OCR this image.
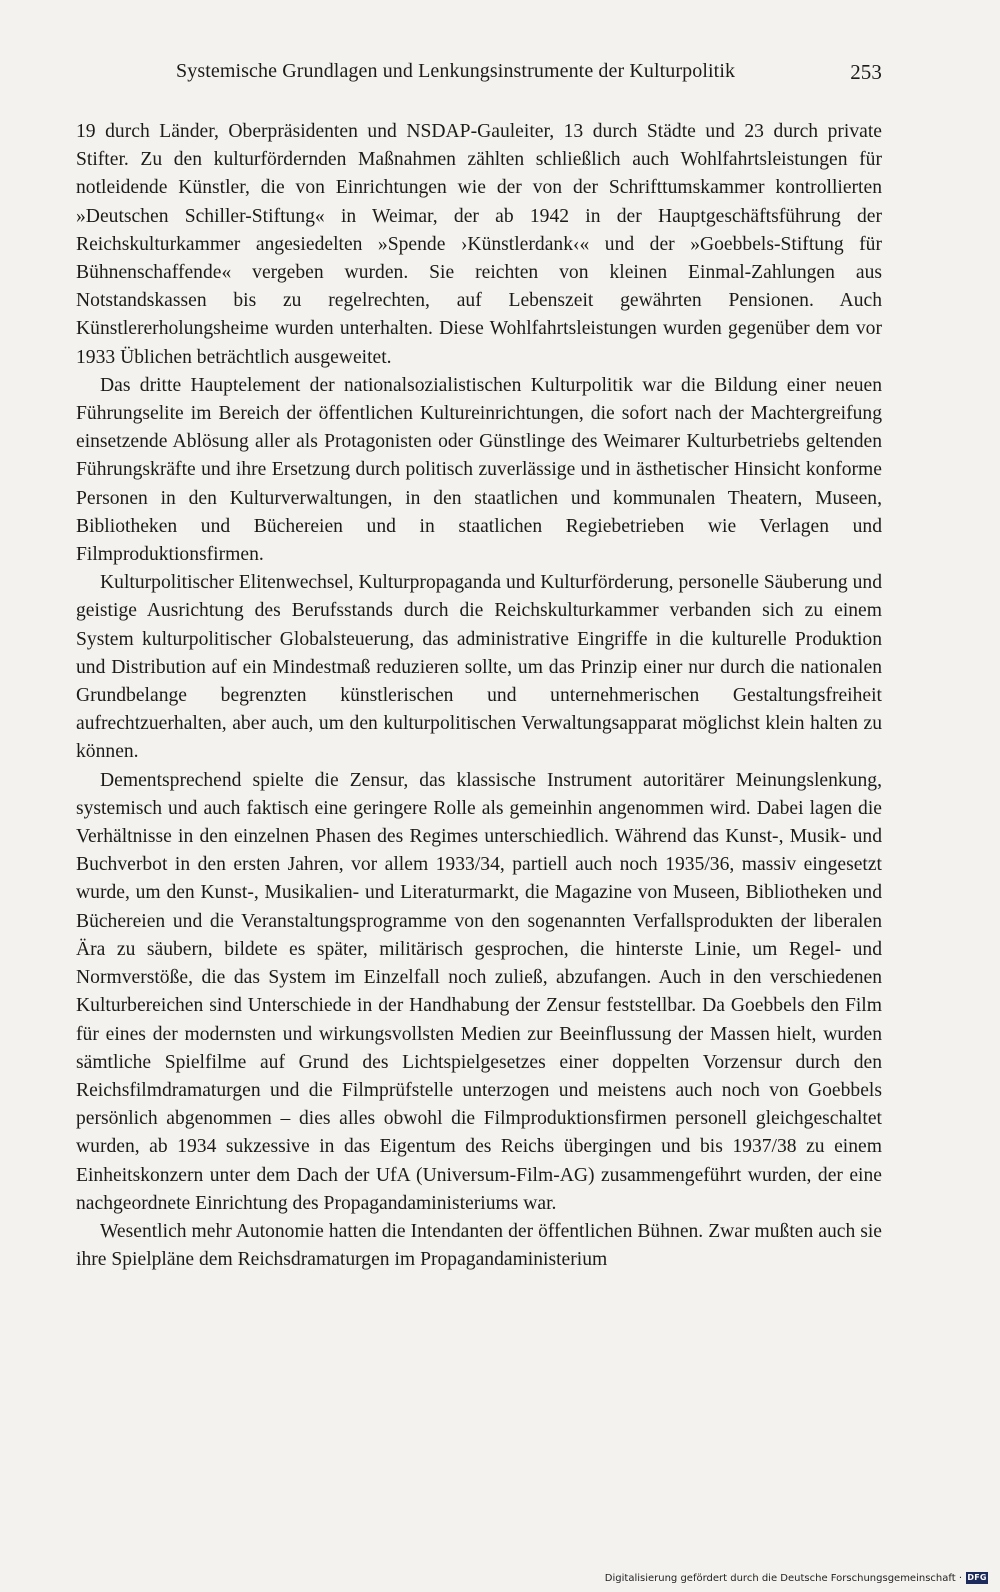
Systemische Grundlagen und Lenkungsinstrumente der Kulturpolitik	253

19 durch Länder, Oberpräsidenten und NSDAP-Gauleiter, 13 durch Städte und 23 durch private Stifter. Zu den kulturfördernden Maßnahmen zählten schließlich auch Wohlfahrtsleistungen für notleidende Künstler, die von Einrichtungen wie der von der Schrifttumskammer kontrollierten »Deutschen Schiller-Stiftung« in Weimar, der ab 1942 in der Hauptgeschäftsführung der Reichskulturkammer angesiedelten »Spende ›Künstlerdank‹« und der »Goebbels-Stiftung für Bühnenschaffende« vergeben wurden. Sie reichten von kleinen Einmal-Zahlungen aus Notstandskassen bis zu regelrechten, auf Lebenszeit gewährten Pensionen. Auch Künstlererholungsheime wurden unterhalten. Diese Wohlfahrtsleistungen wurden gegenüber dem vor 1933 Üblichen beträchtlich ausgeweitet.

Das dritte Hauptelement der nationalsozialistischen Kulturpolitik war die Bildung einer neuen Führungselite im Bereich der öffentlichen Kultureinrichtungen, die sofort nach der Machtergreifung einsetzende Ablösung aller als Protagonisten oder Günstlinge des Weimarer Kulturbetriebs geltenden Führungskräfte und ihre Ersetzung durch politisch zuverlässige und in ästhetischer Hinsicht konforme Personen in den Kulturverwaltungen, in den staatlichen und kommunalen Theatern, Museen, Bibliotheken und Büchereien und in staatlichen Regiebetrieben wie Verlagen und Filmproduktionsfirmen.

Kulturpolitischer Elitenwechsel, Kulturpropaganda und Kulturförderung, personelle Säuberung und geistige Ausrichtung des Berufsstands durch die Reichskulturkammer verbanden sich zu einem System kulturpolitischer Globalsteuerung, das administrative Eingriffe in die kulturelle Produktion und Distribution auf ein Mindestmaß reduzieren sollte, um das Prinzip einer nur durch die nationalen Grundbelange begrenzten künstlerischen und unternehmerischen Gestaltungsfreiheit aufrechtzuerhalten, aber auch, um den kulturpolitischen Verwaltungsapparat möglichst klein halten zu können.

Dementsprechend spielte die Zensur, das klassische Instrument autoritärer Meinungslenkung, systemisch und auch faktisch eine geringere Rolle als gemeinhin angenommen wird. Dabei lagen die Verhältnisse in den einzelnen Phasen des Regimes unterschiedlich. Während das Kunst-, Musik- und Buchverbot in den ersten Jahren, vor allem 1933/34, partiell auch noch 1935/36, massiv eingesetzt wurde, um den Kunst-, Musikalien- und Literaturmarkt, die Magazine von Museen, Bibliotheken und Büchereien und die Veranstaltungsprogramme von den sogenannten Verfallsprodukten der liberalen Ära zu säubern, bildete es später, militärisch gesprochen, die hinterste Linie, um Regel- und Normverstöße, die das System im Einzelfall noch zuließ, abzufangen. Auch in den verschiedenen Kulturbereichen sind Unterschiede in der Handhabung der Zensur feststellbar. Da Goebbels den Film für eines der modernsten und wirkungsvollsten Medien zur Beeinflussung der Massen hielt, wurden sämtliche Spielfilme auf Grund des Lichtspielgesetzes einer doppelten Vorzensur durch den Reichsfilmdramaturgen und die Filmprüfstelle unterzogen und meistens auch noch von Goebbels persönlich abgenommen – dies alles obwohl die Filmproduktionsfirmen personell gleichgeschaltet wurden, ab 1934 sukzessive in das Eigentum des Reichs übergingen und bis 1937/38 zu einem Einheitskonzern unter dem Dach der UfA (Universum-Film-AG) zusammengeführt wurden, der eine nachgeordnete Einrichtung des Propagandaministeriums war.

Wesentlich mehr Autonomie hatten die Intendanten der öffentlichen Bühnen. Zwar mußten auch sie ihre Spielpläne dem Reichsdramaturgen im Propagandaministerium

Digitalisierung gefördert durch die Deutsche Forschungsgemeinschaft · DFG
